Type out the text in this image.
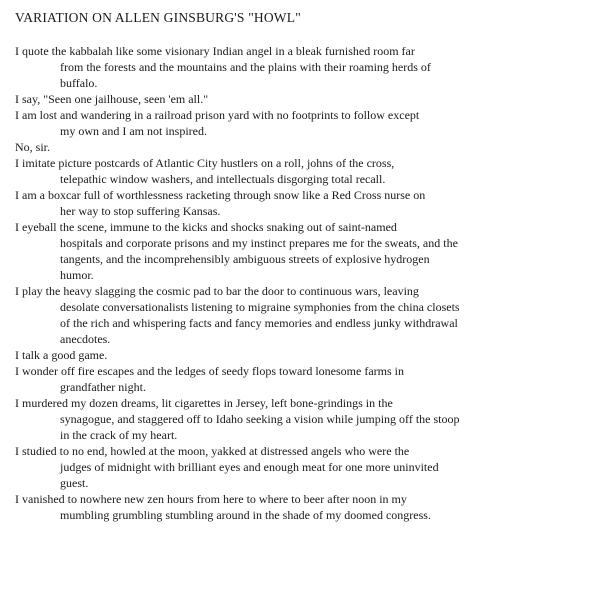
VARIATION ON ALLEN GINSBURG'S "HOWL"
I quote the kabbalah like some visionary Indian angel in a bleak furnished room far
from the forests and the mountains and the plains with their roaming herds of
buffalo.
I say, "Seen one jailhouse, seen 'em all."
I am lost and wandering in a railroad prison yard with no footprints to follow except
my own and I am not inspired.
No, sir.
I imitate picture postcards of Atlantic City hustlers on a roll, johns of the cross,
telepathic window washers, and intellectuals disgorging total recall.
I am a boxcar full of worthlessness racketing through snow like a Red Cross nurse on
her way to stop suffering Kansas.
I eyeball the scene, immune to the kicks and shocks snaking out of saint-named
hospitals and corporate prisons and my instinct prepares me for the sweats, and the
tangents, and the incomprehensibly ambiguous streets of explosive hydrogen
humor.
I play the heavy slagging the cosmic pad to bar the door to continuous wars, leaving
desolate conversationalists listening to migraine symphonies from the china closets
of the rich and whispering facts and fancy memories and endless junky withdrawal
anecdotes.
I talk a good game.
I wonder off fire escapes and the ledges of seedy flops toward lonesome farms in
grandfather night.
I murdered my dozen dreams, lit cigarettes in Jersey, left bone-grindings in the
synagogue, and staggered off to Idaho seeking a vision while jumping off the stoop
in the crack of my heart.
I studied to no end, howled at the moon, yakked at distressed angels who were the
judges of midnight with brilliant eyes and enough meat for one more uninvited
guest.
I vanished to nowhere new zen hours from here to where to beer after noon in my
mumbling grumbling stumbling around in the shade of my doomed congress.
